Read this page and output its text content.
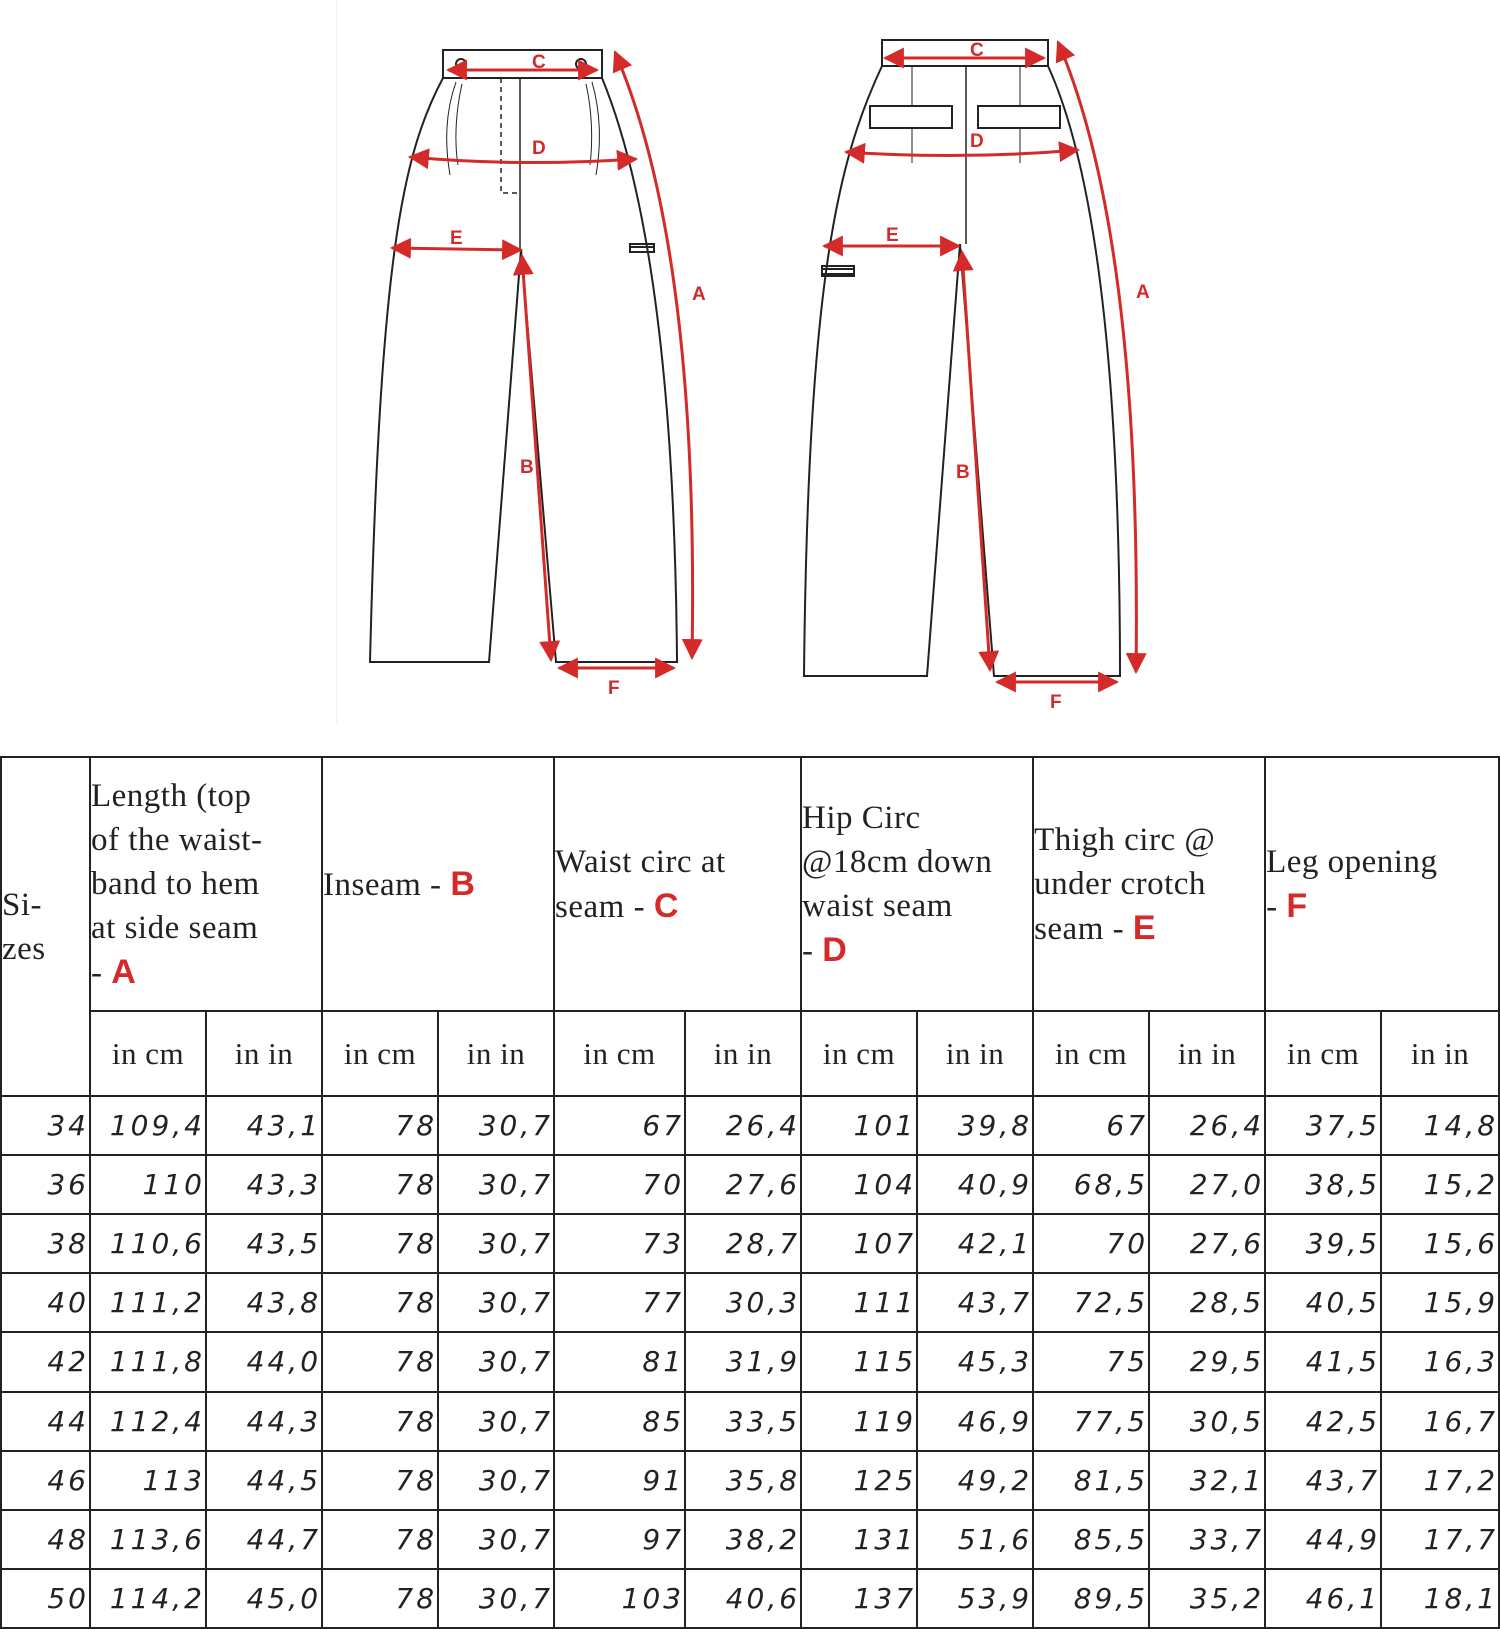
C
D
E
B
F
A
C
D
E
B
F
A
Si-
zes	Length (top
of the waist-
band to hem
at side seam
- A		Inseam - B		Waist circ at
seam - C		Hip Circ
@18cm down
waist seam
- D		Thigh circ @
under crotch
seam - E		Leg opening
- F	
	in cm	in in	in cm	in in	in cm	in in	in cm	in in	in cm	in in	in cm	in in
34	109,4	43,1	78	30,7	67	26,4	101	39,8	67	26,4	37,5	14,8
36	110	43,3	78	30,7	70	27,6	104	40,9	68,5	27,0	38,5	15,2
38	110,6	43,5	78	30,7	73	28,7	107	42,1	70	27,6	39,5	15,6
40	111,2	43,8	78	30,7	77	30,3	111	43,7	72,5	28,5	40,5	15,9
42	111,8	44,0	78	30,7	81	31,9	115	45,3	75	29,5	41,5	16,3
44	112,4	44,3	78	30,7	85	33,5	119	46,9	77,5	30,5	42,5	16,7
46	113	44,5	78	30,7	91	35,8	125	49,2	81,5	32,1	43,7	17,2
48	113,6	44,7	78	30,7	97	38,2	131	51,6	85,5	33,7	44,9	17,7
50	114,2	45,0	78	30,7	103	40,6	137	53,9	89,5	35,2	46,1	18,1
